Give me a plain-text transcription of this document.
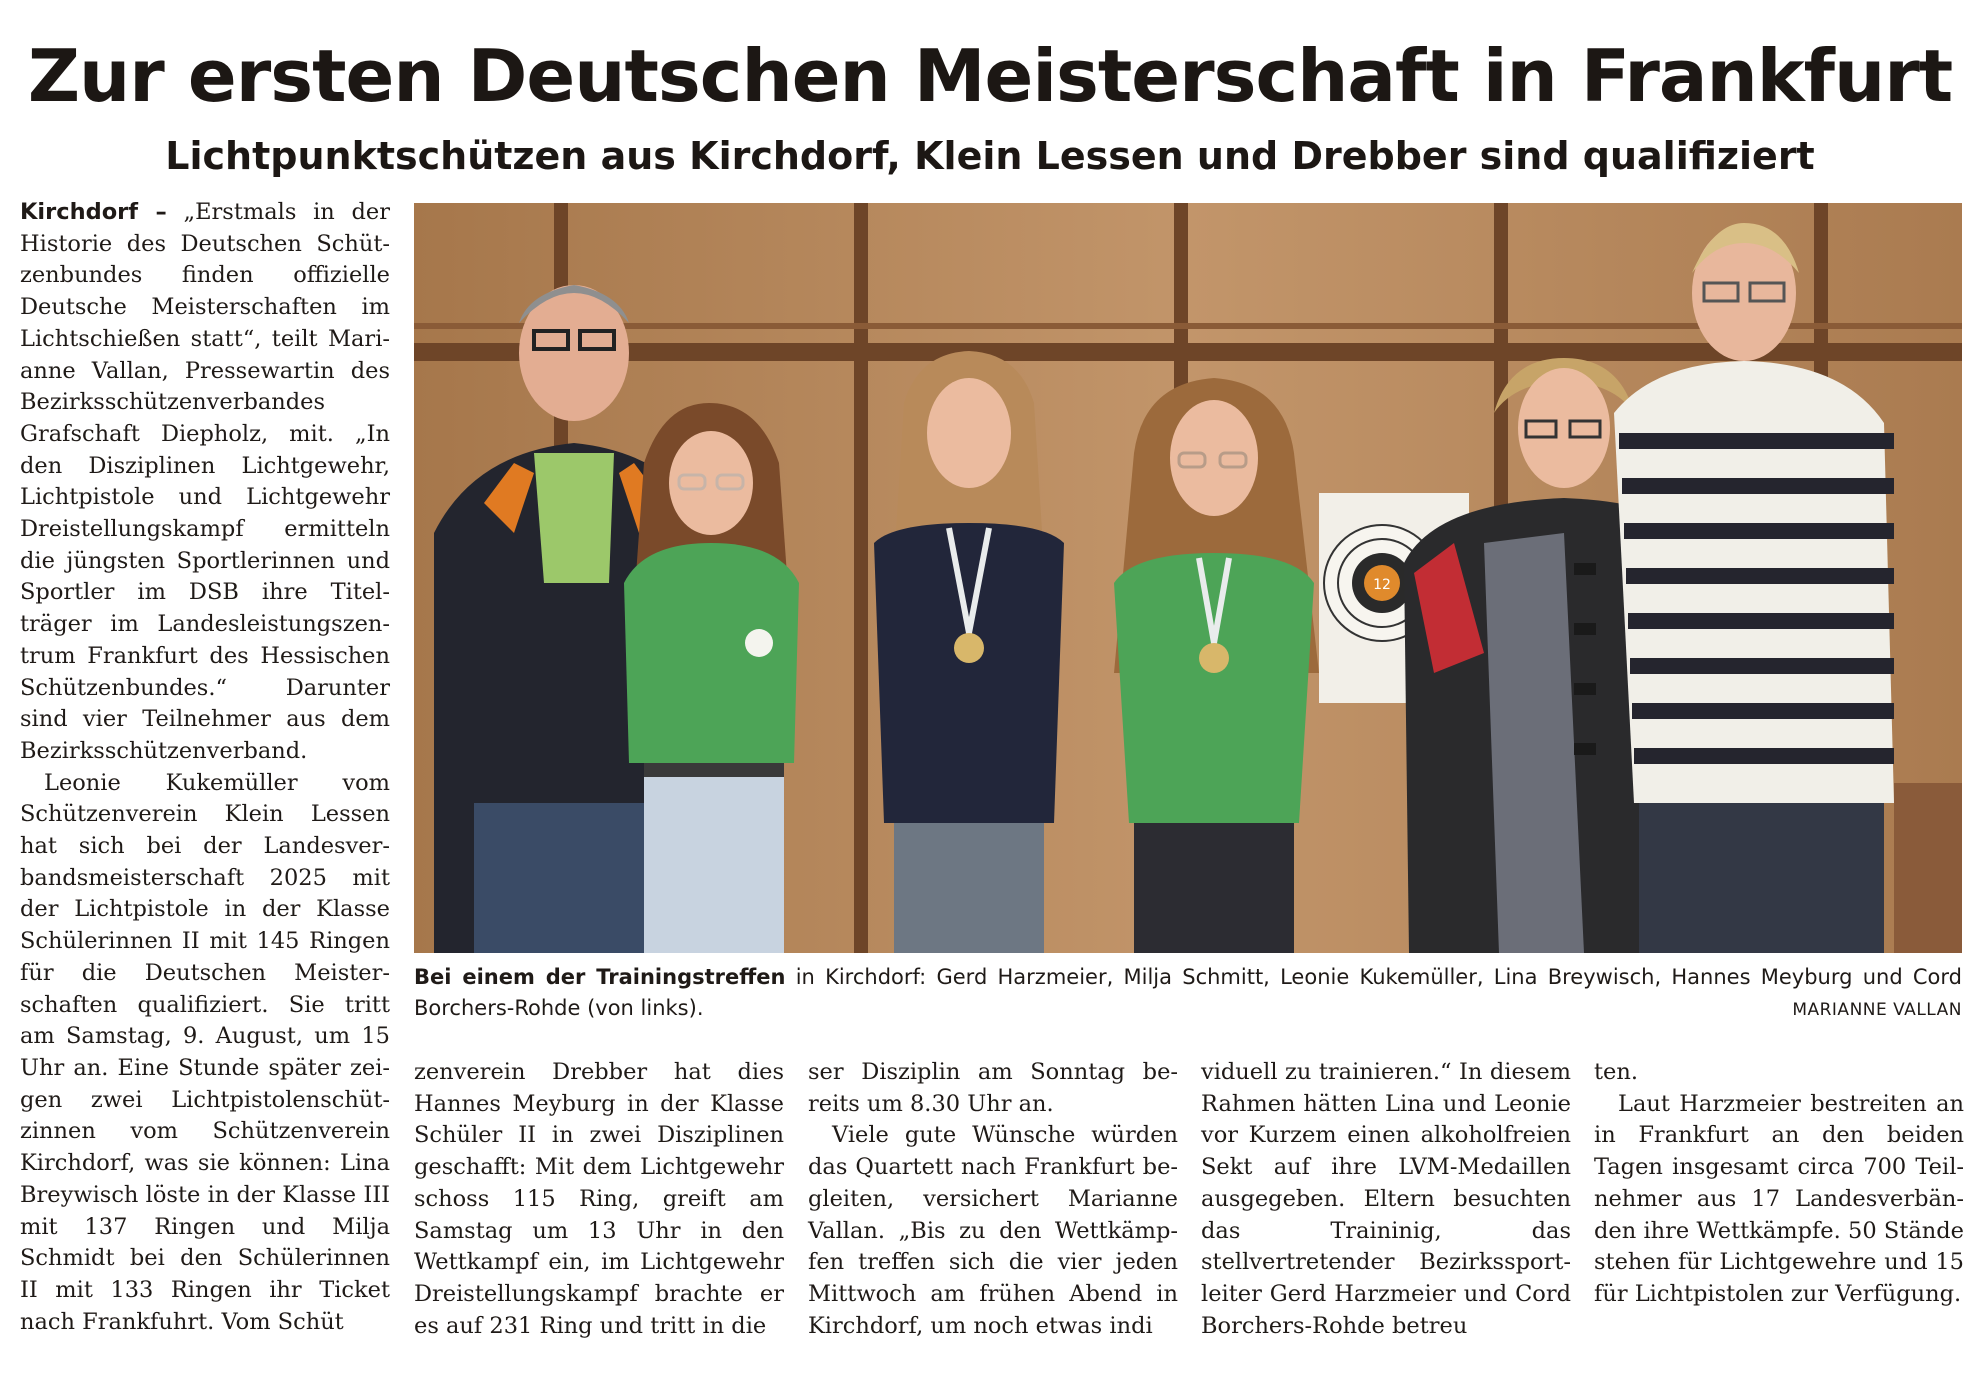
Zur ersten Deutschen Meisterschaft in Frankfurt
Lichtpunktschützen aus Kirchdorf, Klein Lessen und Drebber sind qualifiziert

Kirchdorf – „Erstmals in der Historie des Deutschen Schützenbundes finden offizielle Deutsche Meisterschaften im Lichtschießen statt“, teilt Marianne Vallan, Pressewartin des Bezirksschützenverbandes Grafschaft Diepholz, mit. „In den Disziplinen Lichtgewehr, Lichtpistole und Lichtgewehr Dreistellungskampf ermitteln die jüngsten Sportlerinnen und Sportler im DSB ihre Titelträger im Landesleistungszentrum Frankfurt des Hessischen Schützenbundes.“ Darunter sind vier Teilnehmer aus dem Bezirksschützenverband.

Leonie Kukemüller vom Schützenverein Klein Lessen hat sich bei der Landesverbandsmeisterschaft 2025 mit der Lichtpistole in der Klasse Schülerinnen II mit 145 Ringen für die Deutschen Meisterschaften qualifiziert. Sie tritt am Samstag, 9. August, um 15 Uhr an. Eine Stunde später zeigen zwei Lichtpistolenschützinnen vom Schützenverein Kirchdorf, was sie können: Lina Breywisch löste in der Klasse III mit 137 Ringen und Milja Schmidt bei den Schülerinnen II mit 133 Ringen ihr Ticket nach Frankfuhrt. Vom Schüt

12
Bei einem der Trainingstreffen in Kirchdorf: Gerd Harzmeier, Milja Schmitt, Leonie Kukemüller, Lina Breywisch, Hannes Meyburg und Cord Borchers-Rohde (von links).	MARIANNE VALLAN

zenverein Drebber hat dies Hannes Meyburg in der Klasse Schüler II in zwei Disziplinen geschafft: Mit dem Lichtgewehr schoss 115 Ring, greift am Samstag um 13 Uhr in den Wettkampf ein, im Lichtgewehr Dreistellungskampf brachte er es auf 231 Ring und tritt in die

ser Disziplin am Sonntag bereits um 8.30 Uhr an.

Viele gute Wünsche würden das Quartett nach Frankfurt begleiten, versichert Marianne Vallan. „Bis zu den Wettkämpfen treffen sich die vier jeden Mittwoch am frühen Abend in Kirchdorf, um noch etwas indi

viduell zu trainieren.“ In diesem Rahmen hätten Lina und Leonie vor Kurzem einen alkoholfreien Sekt auf ihre LVM-Medaillen ausgegeben. Eltern besuchten das Traininig, das stellvertretender Bezirkssportleiter Gerd Harzmeier und Cord Borchers-Rohde betreu

ten.

Laut Harzmeier bestreiten an in Frankfurt an den beiden Tagen insgesamt circa 700 Teilnehmer aus 17 Landesverbänden ihre Wettkämpfe. 50 Stände stehen für Lichtgewehre und 15 für Lichtpistolen zur Verfügung.
